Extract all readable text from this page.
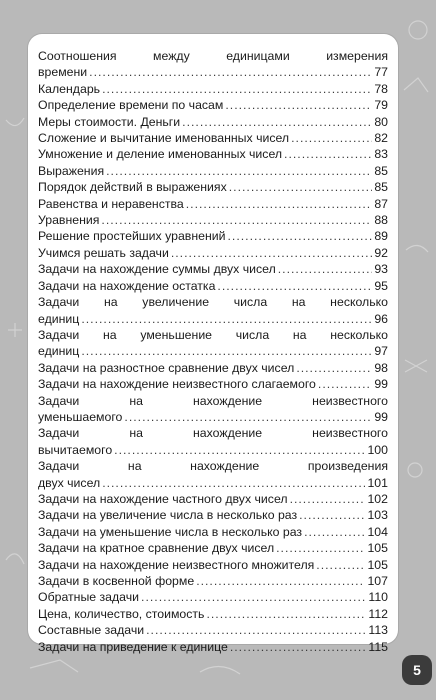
Соотношения между единицами измерения
времени .....	77
Календарь .....	78
Определение времени по часам .....	79
Меры стоимости. Деньги .....	80
Сложение и вычитание именованных чисел .....	82
Умножение и деление именованных чисел .....	83
Выражения .....	85
Порядок действий в выражениях .....	85
Равенства и неравенства .....	87
Уравнения .....	88
Решение простейших уравнений .....	89
Учимся решать задачи .....	92
Задачи на нахождение суммы двух чисел .....	93
Задачи на нахождение остатка .....	95
Задачи на увеличение числа на несколько
единиц .....	96
Задачи на уменьшение числа на несколько
единиц .....	97
Задачи на разностное сравнение двух чисел .....	98
Задачи на нахождение неизвестного слагаемого .....	99
Задачи на нахождение неизвестного
уменьшаемого .....	99
Задачи на нахождение неизвестного
вычитаемого .....	100
Задачи на нахождение произведения
двух чисел .....	101
Задачи на нахождение частного двух чисел .....	102
Задачи на увеличение числа в несколько раз .....	103
Задачи на уменьшение числа в несколько раз .....	104
Задачи на кратное сравнение двух чисел .....	105
Задачи на нахождение неизвестного множителя .....	105
Задачи в косвенной форме .....	107
Обратные задачи .....	110
Цена, количество, стоимость .....	112
Составные задачи .....	113
Задачи на приведение к единице .....	115
5
